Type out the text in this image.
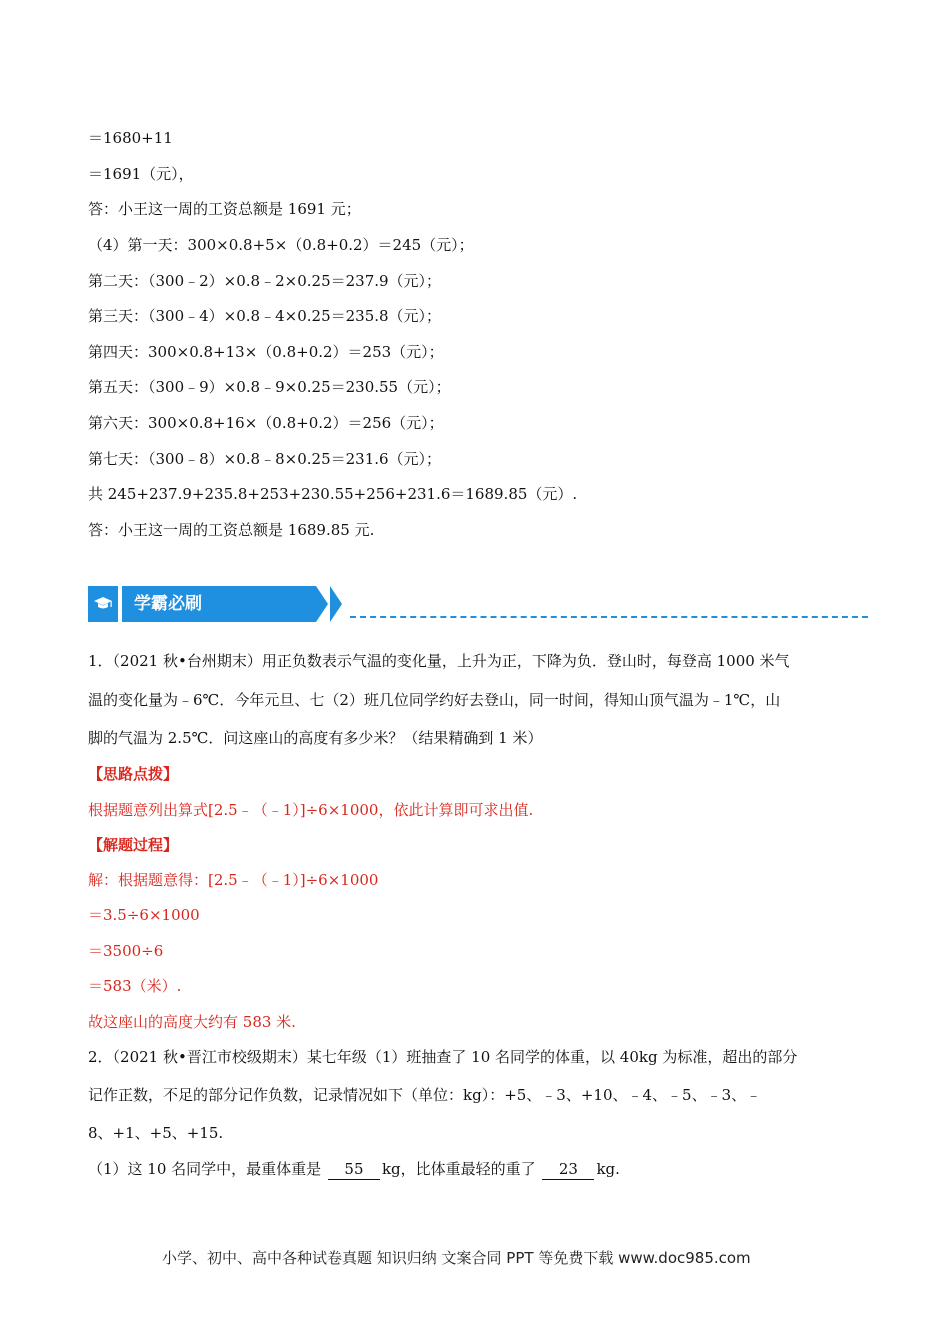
＝1680+11
＝1691（元），
答：小王这一周的工资总额是 1691 元；
（4）第一天：300×0.8+5×（0.8+0.2）＝245（元）；
第二天：（300﹣2）×0.8﹣2×0.25＝237.9（元）；
第三天：（300﹣4）×0.8﹣4×0.25＝235.8（元）；
第四天：300×0.8+13×（0.8+0.2）＝253（元）；
第五天：（300﹣9）×0.8﹣9×0.25＝230.55（元）；
第六天：300×0.8+16×（0.8+0.2）＝256（元）；
第七天：（300﹣8）×0.8﹣8×0.25＝231.6（元）；
共 245+237.9+235.8+253+230.55+256+231.6＝1689.85（元）.
答：小王这一周的工资总额是 1689.85 元.
学霸必刷
1．（2021 秋•台州期末）用正负数表示气温的变化量，上升为正，下降为负．登山时，每登高 1000 米气
温的变化量为﹣6℃．今年元旦、七（2）班几位同学约好去登山，同一时间，得知山顶气温为﹣1℃，山
脚的气温为 2.5℃．问这座山的高度有多少米？（结果精确到 1 米）
【思路点拨】
根据题意列出算式[2.5﹣（﹣1）]÷6×1000，依此计算即可求出值.
【解题过程】
解：根据题意得：[2.5﹣（﹣1）]÷6×1000
＝3.5÷6×1000
＝3500÷6
＝583（米）.
故这座山的高度大约有 583 米.
2．（2021 秋•晋江市校级期末）某七年级（1）班抽查了 10 名同学的体重，以 40kg 为标准，超出的部分
记作正数，不足的部分记作负数，记录情况如下（单位：kg）：+5、﹣3、+10、﹣4、﹣5、﹣3、﹣
8、+1、+5、+15.
（1）这 10 名同学中，最重体重是 55 kg，比体重最轻的重了 23 kg.
小学、初中、高中各种试卷真题 知识归纳 文案合同 PPT 等免费下载 www.doc985.com
